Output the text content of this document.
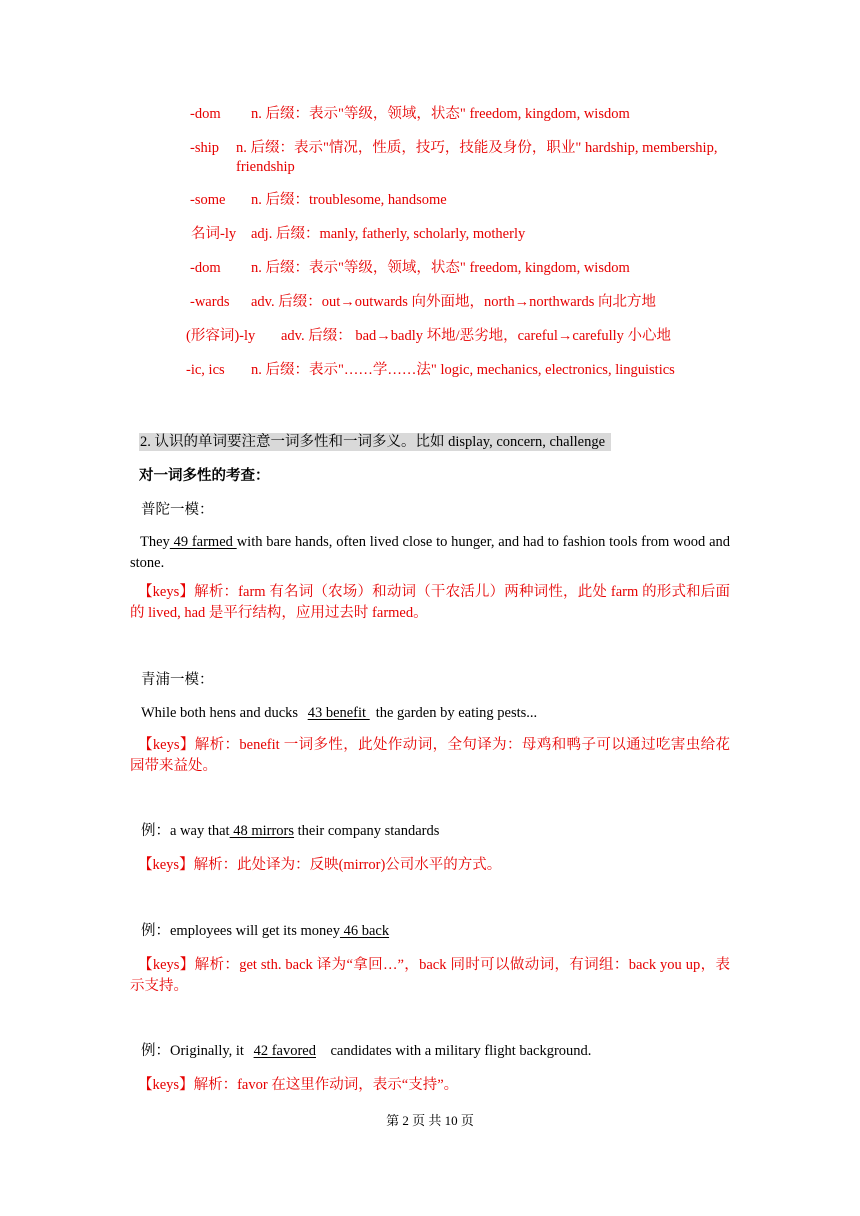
-dom n. 后缀：表示"等级，领域，状态" freedom, kingdom, wisdom
-ship n. 后缀：表示"情况，性质，技巧，技能及身份，职业" hardship, membership,
friendship
-some n. 后缀：troublesome, handsome
名词-ly adj. 后缀：manly, fatherly, scholarly, motherly
-dom n. 后缀：表示"等级，领域，状态" freedom, kingdom, wisdom
-wards adv. 后缀：out→outwards 向外面地，north→northwards 向北方地
(形容词)-ly adv. 后缀： bad→badly 坏地/恶劣地，careful→carefully 小心地
-ic, ics n. 后缀：表示"……学……法" logic, mechanics, electronics, linguistics
2. 认识的单词要注意一词多性和一词多义。比如 display, concern, challenge
对一词多性的考查：
普陀一模：
They 49 farmed with bare hands, often lived close to hunger, and had to fashion tools from wood and stone.
【keys】解析：farm 有名词（农场）和动词（干农活儿）两种词性，此处 farm 的形式和后面的 lived, had 是平行结构，应用过去时 farmed。
青浦一模：
While both hens and ducks 43 benefit the garden by eating pests...
【keys】解析：benefit 一词多性，此处作动词，全句译为：母鸡和鸭子可以通过吃害虫给花园带来益处。
例：a way that 48 mirrors their company standards
【keys】解析：此处译为：反映(mirror)公司水平的方式。
例：employees will get its money 46 back
【keys】解析：get sth. back 译为“拿回…”，back 同时可以做动词，有词组：back you up，表示支持。
例：Originally, it 42 favored    candidates with a military flight background.
【keys】解析：favor 在这里作动词，表示“支持”。
第 2 页 共 10 页
